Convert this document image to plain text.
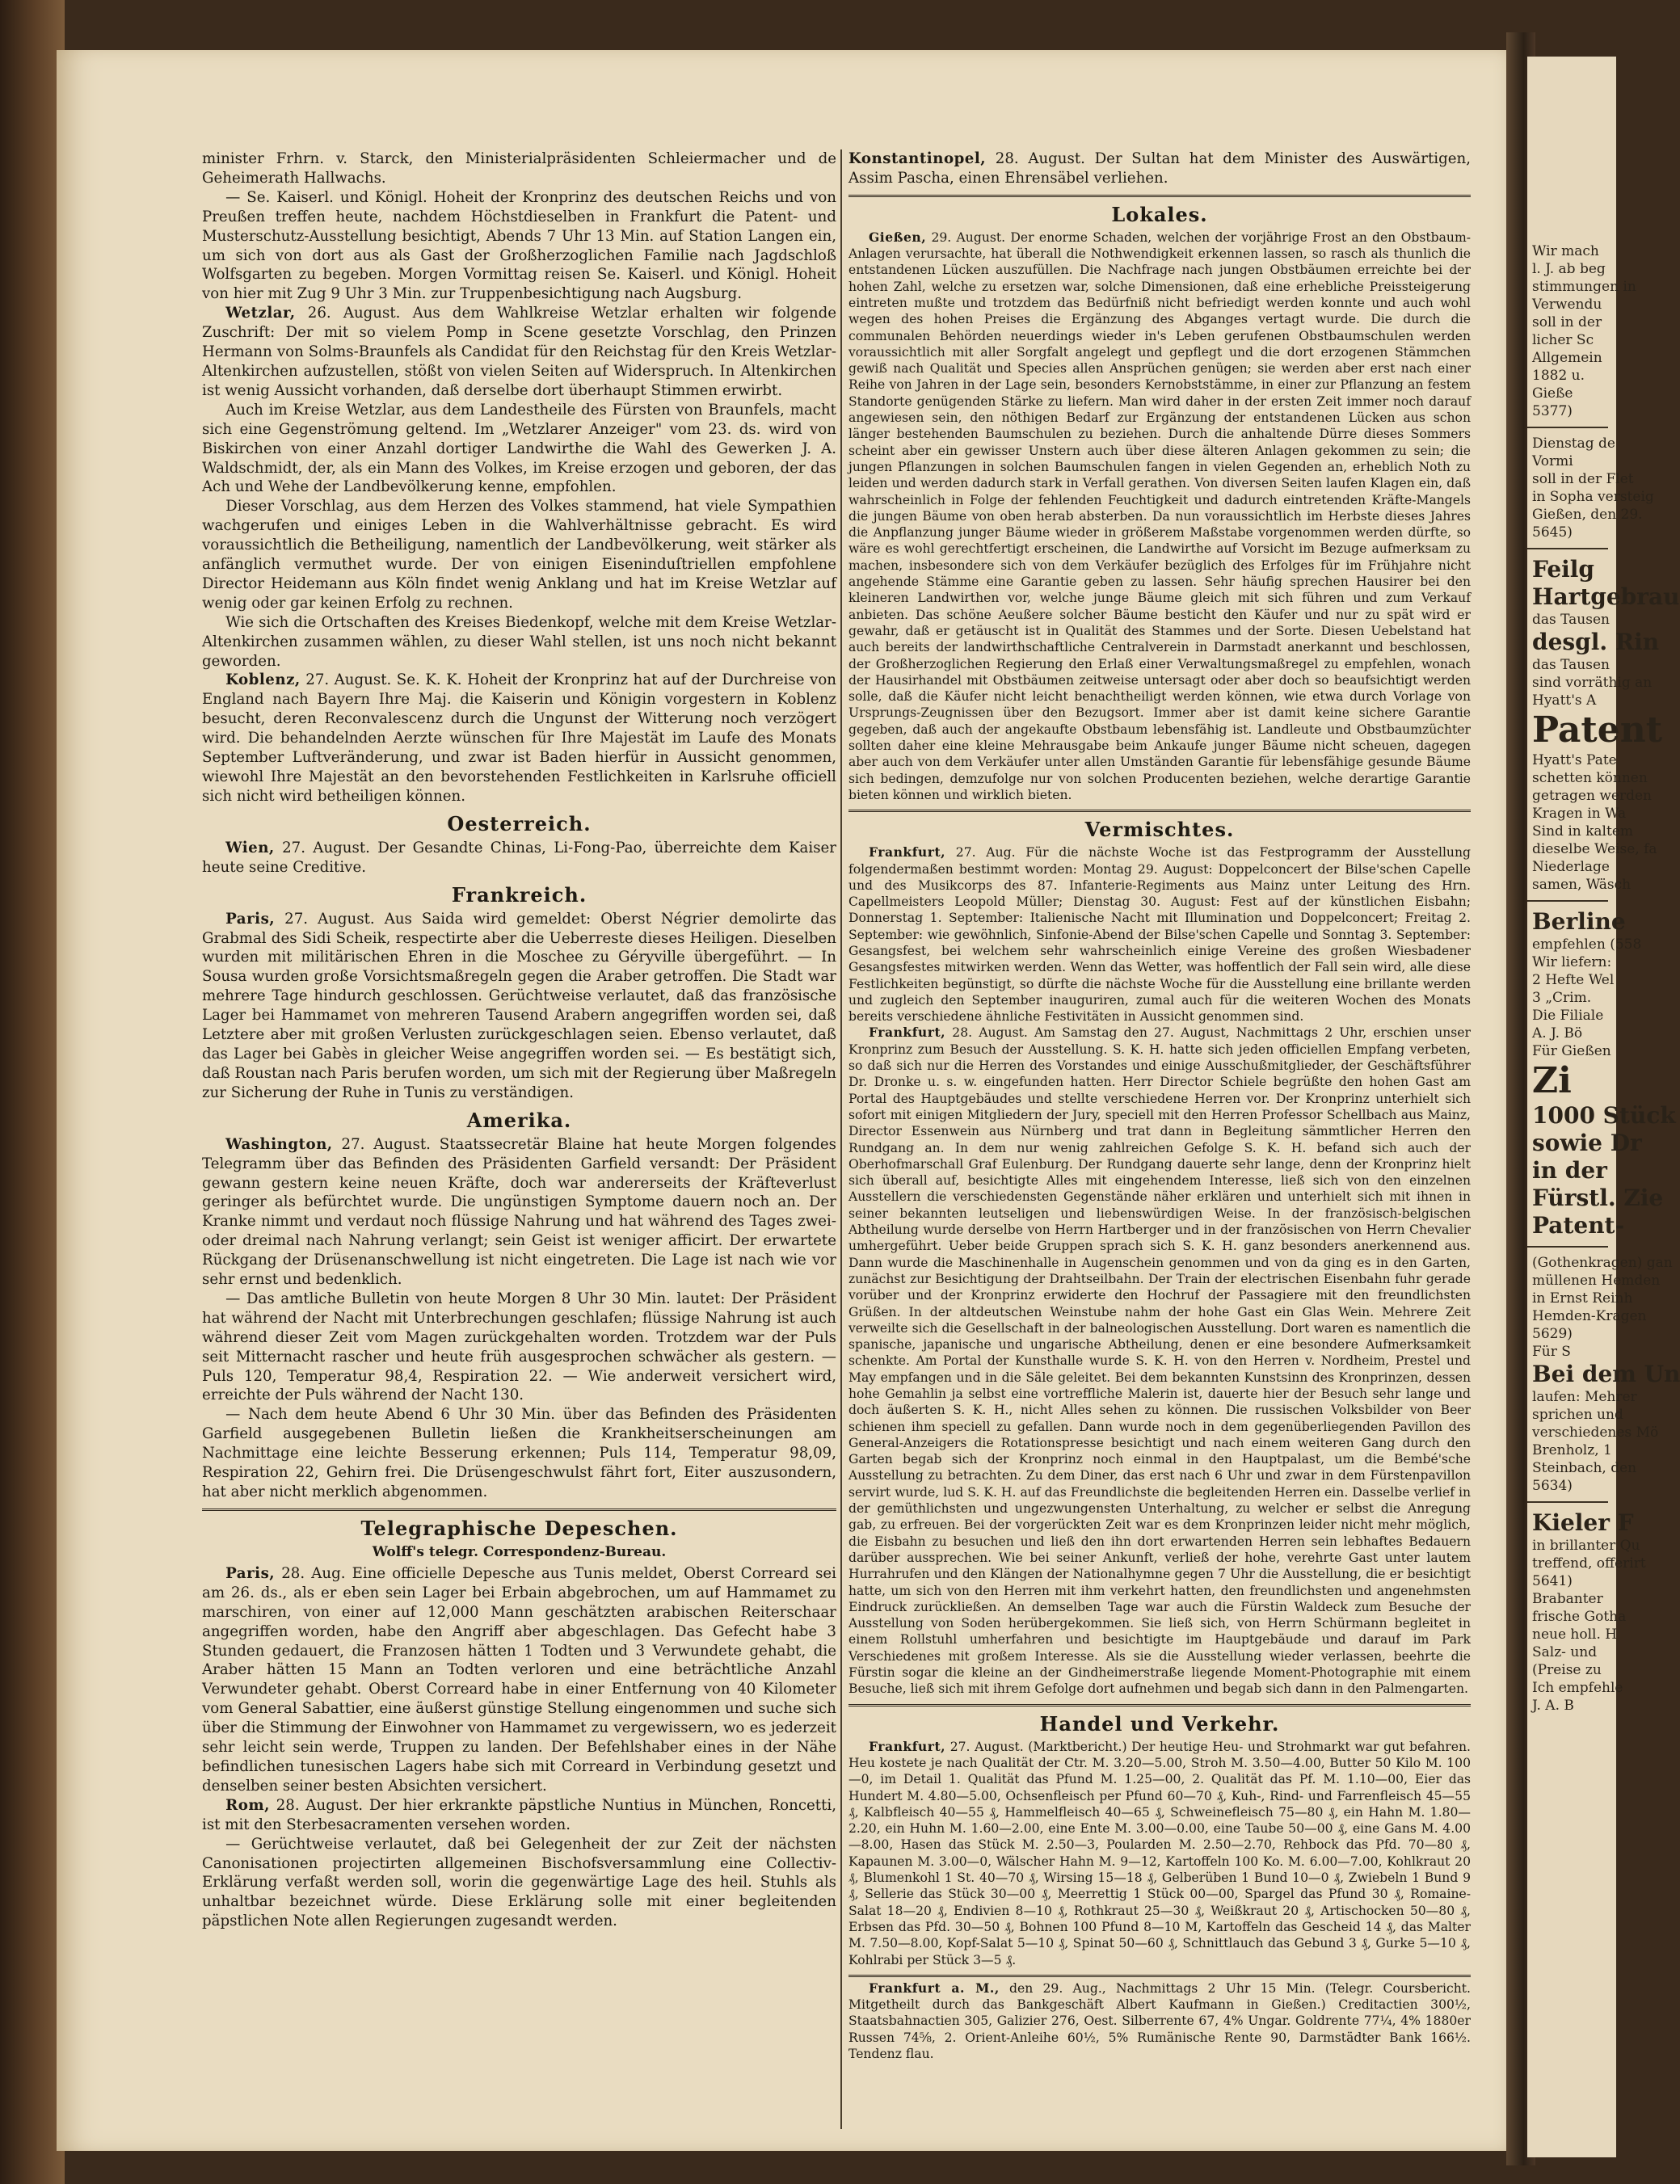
Wir mach
l. J. ab beg
stimmungen in
Verwendu
soll in der
licher Sc
Allgemein
1882 u.
Gieße
5377)
Dienstag de
Vormi
soll in der Flet
in Sopha versteig
Gießen, den 29.
5645)
Feilg
Hartgebrau
das Tausen
desgl. Rin
das Tausen
sind vorräthig an
Hyatt's A
Patent
Hyatt's Pate
schetten können
getragen werden
Kragen in Wa
Sind in kaltem
dieselbe Weise, fa
Niederlage
samen, Wäsch
Berline
empfehlen (558
Wir liefern:
2 Hefte Wel
3 „Crim.
Die Filiale
A. J. Bö
Für Gießen
Zi
1000 Stück
sowie Dr
in der
Fürstl. Zie
Patent-
(Gothenkragen) gan
müllenen Hemden
in Ernst Reinh
Hemden-Kragen
5629)
Für S
Bei dem Un
laufen: Mehrer
sprichen und
verschiedenes Mö
Brenholz, 1
Steinbach, den
5634)
Kieler F
in brillanter Qu
treffend, offerirt
5641)
Brabanter
frische Gotha
neue holl. H
Salz- und
(Preise zu
Ich empfehle
J. A. B

minister Frhrn. v. Starck, den Ministerialpräsidenten Schleiermacher und de Geheimerath Hallwachs.

— Se. Kaiserl. und Königl. Hoheit der Kronprinz des deutschen Reichs und von Preußen treffen heute, nachdem Höchstdieselben in Frankfurt die Patent- und Musterschutz-Ausstellung besichtigt, Abends 7 Uhr 13 Min. auf Station Langen ein, um sich von dort aus als Gast der Großherzoglichen Familie nach Jagdschloß Wolfsgarten zu begeben. Morgen Vormittag reisen Se. Kaiserl. und Königl. Hoheit von hier mit Zug 9 Uhr 3 Min. zur Truppenbesichtigung nach Augsburg.

Wetzlar, 26. August. Aus dem Wahlkreise Wetzlar erhalten wir folgende Zuschrift: Der mit so vielem Pomp in Scene gesetzte Vorschlag, den Prinzen Hermann von Solms-Braunfels als Candidat für den Reichstag für den Kreis Wetzlar-Altenkirchen aufzustellen, stößt von vielen Seiten auf Widerspruch. In Altenkirchen ist wenig Aussicht vorhanden, daß derselbe dort überhaupt Stimmen erwirbt.

Auch im Kreise Wetzlar, aus dem Landestheile des Fürsten von Braunfels, macht sich eine Gegenströmung geltend. Im „Wetzlarer Anzeiger" vom 23. ds. wird von Biskirchen von einer Anzahl dortiger Landwirthe die Wahl des Gewerken J. A. Waldschmidt, der, als ein Mann des Volkes, im Kreise erzogen und geboren, der das Ach und Wehe der Landbevölkerung kenne, empfohlen.

Dieser Vorschlag, aus dem Herzen des Volkes stammend, hat viele Sympathien wachgerufen und einiges Leben in die Wahlverhältnisse gebracht. Es wird voraussichtlich die Betheiligung, namentlich der Landbevölkerung, weit stärker als anfänglich vermuthet wurde. Der von einigen Eiseninduſtriellen empfohlene Director Heidemann aus Köln findet wenig Anklang und hat im Kreise Wetzlar auf wenig oder gar keinen Erfolg zu rechnen.

Wie sich die Ortschaften des Kreises Biedenkopf, welche mit dem Kreise Wetzlar-Altenkirchen zusammen wählen, zu dieser Wahl stellen, ist uns noch nicht bekannt geworden.

Koblenz, 27. August. Se. K. K. Hoheit der Kronprinz hat auf der Durchreise von England nach Bayern Ihre Maj. die Kaiserin und Königin vorgestern in Koblenz besucht, deren Reconvalescenz durch die Ungunst der Witterung noch verzögert wird. Die behandelnden Aerzte wünschen für Ihre Majestät im Laufe des Monats September Luftveränderung, und zwar ist Baden hierfür in Aussicht genommen, wiewohl Ihre Majestät an den bevorstehenden Festlichkeiten in Karlsruhe officiell sich nicht wird betheiligen können.

Oesterreich.

Wien, 27. August. Der Gesandte Chinas, Li-Fong-Pao, überreichte dem Kaiser heute seine Creditive.

Frankreich.

Paris, 27. August. Aus Saida wird gemeldet: Oberst Négrier demolirte das Grabmal des Sidi Scheik, respectirte aber die Ueberreste dieses Heiligen. Dieselben wurden mit militärischen Ehren in die Moschee zu Géryville übergeführt. — In Sousa wurden große Vorsichtsmaßregeln gegen die Araber getroffen. Die Stadt war mehrere Tage hindurch geschlossen. Gerüchtweise verlautet, daß das französische Lager bei Hammamet von mehreren Tausend Arabern angegriffen worden sei, daß Letztere aber mit großen Verlusten zurückgeschlagen seien. Ebenso verlautet, daß das Lager bei Gabès in gleicher Weise angegriffen worden sei. — Es bestätigt sich, daß Roustan nach Paris berufen worden, um sich mit der Regierung über Maßregeln zur Sicherung der Ruhe in Tunis zu verständigen.

Amerika.

Washington, 27. August. Staatssecretär Blaine hat heute Morgen folgendes Telegramm über das Befinden des Präsidenten Garfield versandt: Der Präsident gewann gestern keine neuen Kräfte, doch war andererseits der Kräfteverlust geringer als befürchtet wurde. Die ungünstigen Symptome dauern noch an. Der Kranke nimmt und verdaut noch flüssige Nahrung und hat während des Tages zwei- oder dreimal nach Nahrung verlangt; sein Geist ist weniger afficirt. Der erwartete Rückgang der Drüsenanschwellung ist nicht eingetreten. Die Lage ist nach wie vor sehr ernst und bedenklich.

— Das amtliche Bulletin von heute Morgen 8 Uhr 30 Min. lautet: Der Präsident hat während der Nacht mit Unterbrechungen geschlafen; flüssige Nahrung ist auch während dieser Zeit vom Magen zurückgehalten worden. Trotzdem war der Puls seit Mitternacht rascher und heute früh ausgesprochen schwächer als gestern. — Puls 120, Temperatur 98,4, Respiration 22. — Wie anderweit versichert wird, erreichte der Puls während der Nacht 130.

— Nach dem heute Abend 6 Uhr 30 Min. über das Befinden des Präsidenten Garfield ausgegebenen Bulletin ließen die Krankheitserscheinungen am Nachmittage eine leichte Besserung erkennen; Puls 114, Temperatur 98,09, Respiration 22, Gehirn frei. Die Drüsengeschwulst fährt fort, Eiter auszusondern, hat aber nicht merklich abgenommen.

Telegraphische Depeschen.
Wolff's telegr. Correspondenz-Bureau.

Paris, 28. Aug. Eine officielle Depesche aus Tunis meldet, Oberst Correard sei am 26. ds., als er eben sein Lager bei Erbain abgebrochen, um auf Hammamet zu marschiren, von einer auf 12,000 Mann geschätzten arabischen Reiterschaar angegriffen worden, habe den Angriff aber abgeschlagen. Das Gefecht habe 3 Stunden gedauert, die Franzosen hätten 1 Todten und 3 Verwundete gehabt, die Araber hätten 15 Mann an Todten verloren und eine beträchtliche Anzahl Verwundeter gehabt. Oberst Correard habe in einer Entfernung von 40 Kilometer vom General Sabattier, eine äußerst günstige Stellung eingenommen und suche sich über die Stimmung der Einwohner von Hammamet zu vergewissern, wo es jederzeit sehr leicht sein werde, Truppen zu landen. Der Befehlshaber eines in der Nähe befindlichen tunesischen Lagers habe sich mit Correard in Verbindung gesetzt und denselben seiner besten Absichten versichert.

Rom, 28. August. Der hier erkrankte päpstliche Nuntius in München, Roncetti, ist mit den Sterbesacramenten versehen worden.

— Gerüchtweise verlautet, daß bei Gelegenheit der zur Zeit der nächsten Canonisationen projectirten allgemeinen Bischofsversammlung eine Collectiv-Erklärung verfaßt werden soll, worin die gegenwärtige Lage des heil. Stuhls als unhaltbar bezeichnet würde. Diese Erklärung solle mit einer begleitenden päpstlichen Note allen Regierungen zugesandt werden.

Konstantinopel, 28. August. Der Sultan hat dem Minister des Auswärtigen, Assim Pascha, einen Ehrensäbel verliehen.

Lokales.

Gießen, 29. August. Der enorme Schaden, welchen der vorjährige Frost an den Obstbaum-Anlagen verursachte, hat überall die Nothwendigkeit erkennen lassen, so rasch als thunlich die entstandenen Lücken auszufüllen. Die Nachfrage nach jungen Obstbäumen erreichte bei der hohen Zahl, welche zu ersetzen war, solche Dimensionen, daß eine erhebliche Preissteigerung eintreten mußte und trotzdem das Bedürfniß nicht befriedigt werden konnte und auch wohl wegen des hohen Preises die Ergänzung des Abganges vertagt wurde. Die durch die communalen Behörden neuerdings wieder in's Leben gerufenen Obstbaumschulen werden voraussichtlich mit aller Sorgfalt angelegt und gepflegt und die dort erzogenen Stämmchen gewiß nach Qualität und Species allen Ansprüchen genügen; sie werden aber erst nach einer Reihe von Jahren in der Lage sein, besonders Kernobststämme, in einer zur Pflanzung an festem Standorte genügenden Stärke zu liefern. Man wird daher in der ersten Zeit immer noch darauf angewiesen sein, den nöthigen Bedarf zur Ergänzung der entstandenen Lücken aus schon länger bestehenden Baumschulen zu beziehen. Durch die anhaltende Dürre dieses Sommers scheint aber ein gewisser Unstern auch über diese älteren Anlagen gekommen zu sein; die jungen Pflanzungen in solchen Baumschulen fangen in vielen Gegenden an, erheblich Noth zu leiden und werden dadurch stark in Verfall gerathen. Von diversen Seiten laufen Klagen ein, daß wahrscheinlich in Folge der fehlenden Feuchtigkeit und dadurch eintretenden Kräfte-Mangels die jungen Bäume von oben herab absterben. Da nun voraussichtlich im Herbste dieses Jahres die Anpflanzung junger Bäume wieder in größerem Maßstabe vorgenommen werden dürfte, so wäre es wohl gerechtfertigt erscheinen, die Landwirthe auf Vorsicht im Bezuge aufmerksam zu machen, insbesondere sich von dem Verkäufer bezüglich des Erfolges für im Frühjahre nicht angehende Stämme eine Garantie geben zu lassen. Sehr häufig sprechen Hausirer bei den kleineren Landwirthen vor, welche junge Bäume gleich mit sich führen und zum Verkauf anbieten. Das schöne Aeußere solcher Bäume besticht den Käufer und nur zu spät wird er gewahr, daß er getäuscht ist in Qualität des Stammes und der Sorte. Diesen Uebelstand hat auch bereits der landwirthschaftliche Centralverein in Darmstadt anerkannt und beschlossen, der Großherzoglichen Regierung den Erlaß einer Verwaltungsmaßregel zu empfehlen, wonach der Hausirhandel mit Obstbäumen zeitweise untersagt oder aber doch so beaufsichtigt werden solle, daß die Käufer nicht leicht benachtheiligt werden können, wie etwa durch Vorlage von Ursprungs-Zeugnissen über den Bezugsort. Immer aber ist damit keine sichere Garantie gegeben, daß auch der angekaufte Obstbaum lebensfähig ist. Landleute und Obstbaumzüchter sollten daher eine kleine Mehrausgabe beim Ankaufe junger Bäume nicht scheuen, dagegen aber auch von dem Verkäufer unter allen Umständen Garantie für lebensfähige gesunde Bäume sich bedingen, demzufolge nur von solchen Producenten beziehen, welche derartige Garantie bieten können und wirklich bieten.

Vermischtes.

Frankfurt, 27. Aug. Für die nächste Woche ist das Festprogramm der Ausstellung folgendermaßen bestimmt worden: Montag 29. August: Doppelconcert der Bilse'schen Capelle und des Musikcorps des 87. Infanterie-Regiments aus Mainz unter Leitung des Hrn. Capellmeisters Leopold Müller; Dienstag 30. August: Fest auf der künstlichen Eisbahn; Donnerstag 1. September: Italienische Nacht mit Illumination und Doppelconcert; Freitag 2. September: wie gewöhnlich, Sinfonie-Abend der Bilse'schen Capelle und Sonntag 3. September: Gesangsfest, bei welchem sehr wahrscheinlich einige Vereine des großen Wiesbadener Gesangsfestes mitwirken werden. Wenn das Wetter, was hoffentlich der Fall sein wird, alle diese Festlichkeiten begünstigt, so dürfte die nächste Woche für die Ausstellung eine brillante werden und zugleich den September inauguriren, zumal auch für die weiteren Wochen des Monats bereits verschiedene ähnliche Festivitäten in Aussicht genommen sind.

Frankfurt, 28. August. Am Samstag den 27. August, Nachmittags 2 Uhr, erschien unser Kronprinz zum Besuch der Ausstellung. S. K. H. hatte sich jeden officiellen Empfang verbeten, so daß sich nur die Herren des Vorstandes und einige Ausschußmitglieder, der Geschäftsführer Dr. Dronke u. s. w. eingefunden hatten. Herr Director Schiele begrüßte den hohen Gast am Portal des Hauptgebäudes und stellte verschiedene Herren vor. Der Kronprinz unterhielt sich sofort mit einigen Mitgliedern der Jury, speciell mit den Herren Professor Schellbach aus Mainz, Director Essenwein aus Nürnberg und trat dann in Begleitung sämmtlicher Herren den Rundgang an. In dem nur wenig zahlreichen Gefolge S. K. H. befand sich auch der Oberhofmarschall Graf Eulenburg. Der Rundgang dauerte sehr lange, denn der Kronprinz hielt sich überall auf, besichtigte Alles mit eingehendem Interesse, ließ sich von den einzelnen Ausstellern die verschiedensten Gegenstände näher erklären und unterhielt sich mit ihnen in seiner bekannten leutseligen und liebenswürdigen Weise. In der französisch-belgischen Abtheilung wurde derselbe von Herrn Hartberger und in der französischen von Herrn Chevalier umhergeführt. Ueber beide Gruppen sprach sich S. K. H. ganz besonders anerkennend aus. Dann wurde die Maschinenhalle in Augenschein genommen und von da ging es in den Garten, zunächst zur Besichtigung der Drahtseilbahn. Der Train der electrischen Eisenbahn fuhr gerade vorüber und der Kronprinz erwiderte den Hochruf der Passagiere mit den freundlichsten Grüßen. In der altdeutschen Weinstube nahm der hohe Gast ein Glas Wein. Mehrere Zeit verweilte sich die Gesellschaft in der balneologischen Ausstellung. Dort waren es namentlich die spanische, japanische und ungarische Abtheilung, denen er eine besondere Aufmerksamkeit schenkte. Am Portal der Kunsthalle wurde S. K. H. von den Herren v. Nordheim, Prestel und May empfangen und in die Säle geleitet. Bei dem bekannten Kunstsinn des Kronprinzen, dessen hohe Gemahlin ja selbst eine vortreffliche Malerin ist, dauerte hier der Besuch sehr lange und doch äußerten S. K. H., nicht Alles sehen zu können. Die russischen Volksbilder von Beer schienen ihm speciell zu gefallen. Dann wurde noch in dem gegenüberliegenden Pavillon des General-Anzeigers die Rotationspresse besichtigt und nach einem weiteren Gang durch den Garten begab sich der Kronprinz noch einmal in den Hauptpalast, um die Bembé'sche Ausstellung zu betrachten. Zu dem Diner, das erst nach 6 Uhr und zwar in dem Fürstenpavillon servirt wurde, lud S. K. H. auf das Freundlichste die begleitenden Herren ein. Dasselbe verlief in der gemüthlichsten und ungezwungensten Unterhaltung, zu welcher er selbst die Anregung gab, zu erfreuen. Bei der vorgerückten Zeit war es dem Kronprinzen leider nicht mehr möglich, die Eisbahn zu besuchen und ließ den ihn dort erwartenden Herren sein lebhaftes Bedauern darüber aussprechen. Wie bei seiner Ankunft, verließ der hohe, verehrte Gast unter lautem Hurrahrufen und den Klängen der Nationalhymne gegen 7 Uhr die Ausstellung, die er besichtigt hatte, um sich von den Herren mit ihm verkehrt hatten, den freundlichsten und angenehmsten Eindruck zurückließen. An demselben Tage war auch die Fürstin Waldeck zum Besuche der Ausstellung von Soden herübergekommen. Sie ließ sich, von Herrn Schürmann begleitet in einem Rollstuhl umherfahren und besichtigte im Hauptgebäude und darauf im Park Verschiedenes mit großem Interesse. Als sie die Ausstellung wieder verlassen, beehrte die Fürstin sogar die kleine an der Gindheimerstraße liegende Moment-Photographie mit einem Besuche, ließ sich mit ihrem Gefolge dort aufnehmen und begab sich dann in den Palmengarten.

Handel und Verkehr.

Frankfurt, 27. August. (Marktbericht.) Der heutige Heu- und Strohmarkt war gut befahren. Heu kostete je nach Qualität der Ctr. M. 3.20—5.00, Stroh M. 3.50—4.00, Butter 50 Kilo M. 100—0, im Detail 1. Qualität das Pfund M. 1.25—00, 2. Qualität das Pf. M. 1.10—00, Eier das Hundert M. 4.80—5.00, Ochsenfleisch per Pfund 60—70 ₰, Kuh-, Rind- und Farrenfleisch 45—55 ₰, Kalbfleisch 40—55 ₰, Hammelfleisch 40—65 ₰, Schweinefleisch 75—80 ₰, ein Hahn M. 1.80—2.20, ein Huhn M. 1.60—2.00, eine Ente M. 3.00—0.00, eine Taube 50—00 ₰, eine Gans M. 4.00—8.00, Hasen das Stück M. 2.50—3, Poularden M. 2.50—2.70, Rehbock das Pfd. 70—80 ₰, Kapaunen M. 3.00—0, Wälscher Hahn M. 9—12, Kartoffeln 100 Ko. M. 6.00—7.00, Kohlkraut 20 ₰, Blumenkohl 1 St. 40—70 ₰, Wirsing 15—18 ₰, Gelberüben 1 Bund 10—0 ₰, Zwiebeln 1 Bund 9 ₰, Sellerie das Stück 30—00 ₰, Meerrettig 1 Stück 00—00, Spargel das Pfund 30 ₰, Romaine-Salat 18—20 ₰, Endivien 8—10 ₰, Rothkraut 25—30 ₰, Weißkraut 20 ₰, Artischocken 50—80 ₰, Erbsen das Pfd. 30—50 ₰, Bohnen 100 Pfund 8—10 M, Kartoffeln das Gescheid 14 ₰, das Malter M. 7.50—8.00, Kopf-Salat 5—10 ₰, Spinat 50—60 ₰, Schnittlauch das Gebund 3 ₰, Gurke 5—10 ₰, Kohlrabi per Stück 3—5 ₰.

Frankfurt a. M., den 29. Aug., Nachmittags 2 Uhr 15 Min. (Telegr. Coursbericht. Mitgetheilt durch das Bankgeschäft Albert Kaufmann in Gießen.) Creditactien 300½, Staatsbahnactien 305, Galizier 276, Oest. Silberrente 67, 4% Ungar. Goldrente 77¼, 4% 1880er Russen 74⅝, 2. Orient-Anleihe 60½, 5% Rumänische Rente 90, Darmstädter Bank 166½. Tendenz flau.
